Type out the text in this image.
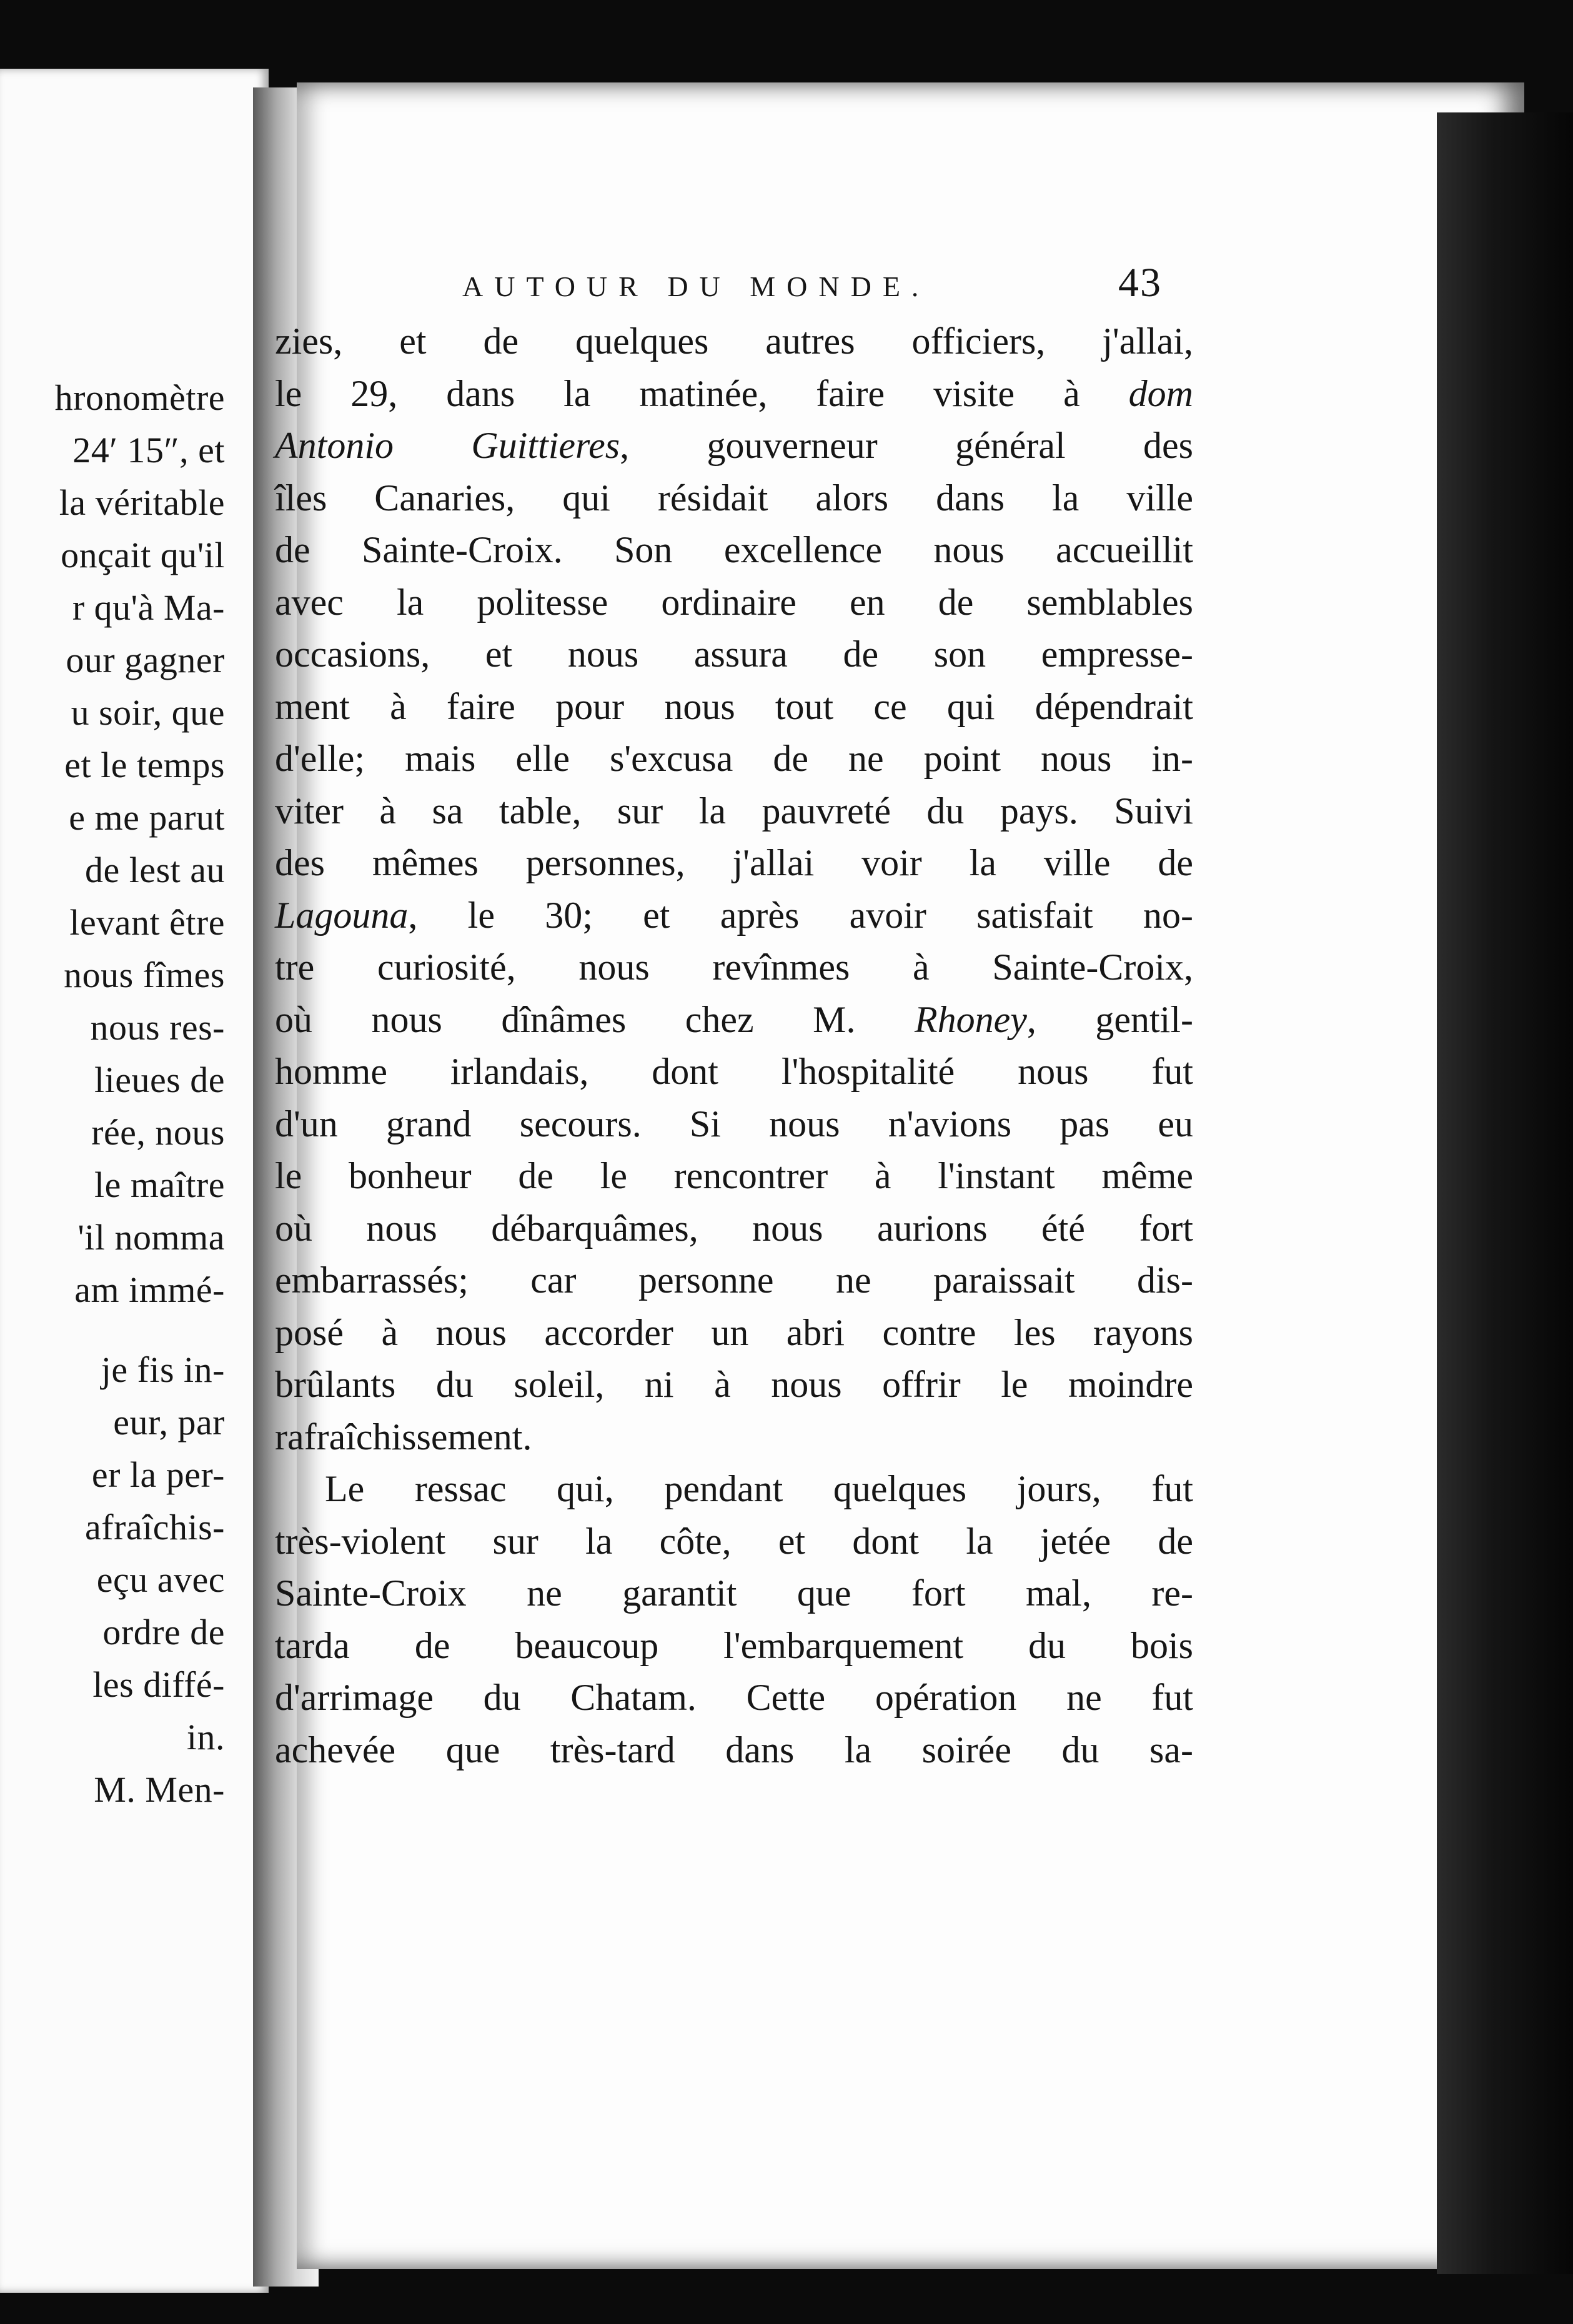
hronomètre
24′ 15″, et
la véritable
onçait qu'il
r qu'à Ma-
our gagner
u soir, que
et le temps
e me parut
de lest au
levant être
nous fîmes
nous res-
lieues de
rée, nous
le maître
'il nomma
am immé-
je fis in-
eur, par
er la per-
afraîchis-
eçu avec
ordre de
les diffé-
in.
M. Men-
AUTOUR DU MONDE.	43
zies, et de quelques autres officiers, j'allai,
le 29, dans la matinée, faire visite à dom
Antonio Guittieres, gouverneur général des
îles Canaries, qui résidait alors dans la ville
de Sainte-Croix. Son excellence nous accueillit
avec la politesse ordinaire en de semblables
occasions, et nous assura de son empresse-
ment à faire pour nous tout ce qui dépendrait
d'elle; mais elle s'excusa de ne point nous in-
viter à sa table, sur la pauvreté du pays. Suivi
des mêmes personnes, j'allai voir la ville de
Lagouna, le 30; et après avoir satisfait no-
tre curiosité, nous revînmes à Sainte-Croix,
où nous dînâmes chez M. Rhoney, gentil-
homme irlandais, dont l'hospitalité nous fut
d'un grand secours. Si nous n'avions pas eu
le bonheur de le rencontrer à l'instant même
où nous débarquâmes, nous aurions été fort
embarrassés; car personne ne paraissait dis-
posé à nous accorder un abri contre les rayons
brûlants du soleil, ni à nous offrir le moindre
rafraîchissement.
Le ressac qui, pendant quelques jours, fut
très-violent sur la côte, et dont la jetée de
Sainte-Croix ne garantit que fort mal, re-
tarda de beaucoup l'embarquement du bois
d'arrimage du Chatam. Cette opération ne fut
achevée que très-tard dans la soirée du sa-
